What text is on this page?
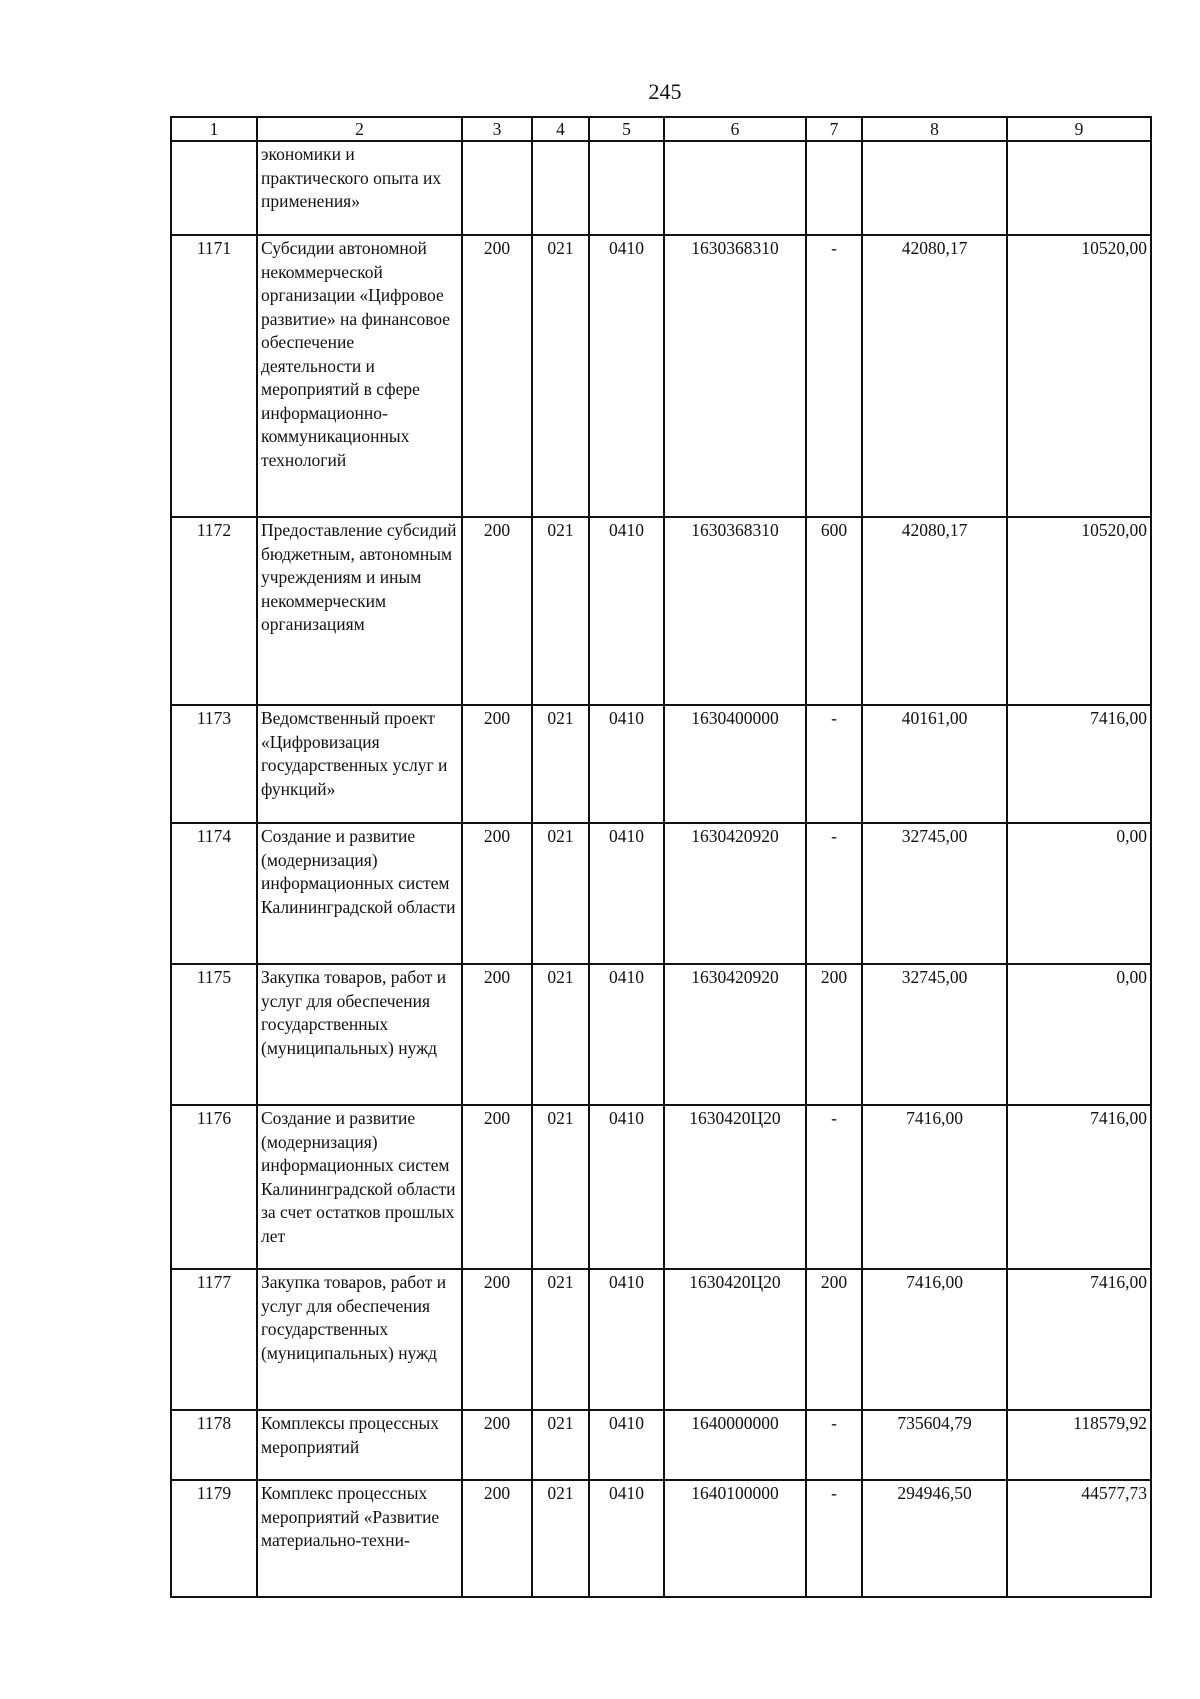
245
1	2	3	4	5	6	7	8	9
	экономики и практического опыта их применения»							
1171	Субсидии автономной некоммерческой организации «Цифровое развитие» на финансовое обеспечение деятельности и мероприятий в сфере информационно-коммуникационных технологий	200	021	0410	1630368310	-	42080,17	10520,00
1172	Предоставление субсидий бюджетным, автономным учреждениям и иным некоммерческим организациям	200	021	0410	1630368310	600	42080,17	10520,00
1173	Ведомственный проект «Цифровизация государственных услуг и функций»	200	021	0410	1630400000	-	40161,00	7416,00
1174	Создание и развитие (модернизация) информационных систем Калининградской области	200	021	0410	1630420920	-	32745,00	0,00
1175	Закупка товаров, работ и услуг для обеспечения государственных (муниципальных) нужд	200	021	0410	1630420920	200	32745,00	0,00
1176	Создание и развитие (модернизация) информационных систем Калининградской области за счет остатков прошлых лет	200	021	0410	1630420Ц20	-	7416,00	7416,00
1177	Закупка товаров, работ и услуг для обеспечения государственных (муниципальных) нужд	200	021	0410	1630420Ц20	200	7416,00	7416,00
1178	Комплексы процессных мероприятий	200	021	0410	1640000000	-	735604,79	118579,92
1179	Комплекс процессных мероприятий «Развитие материально-техни-	200	021	0410	1640100000	-	294946,50	44577,73
